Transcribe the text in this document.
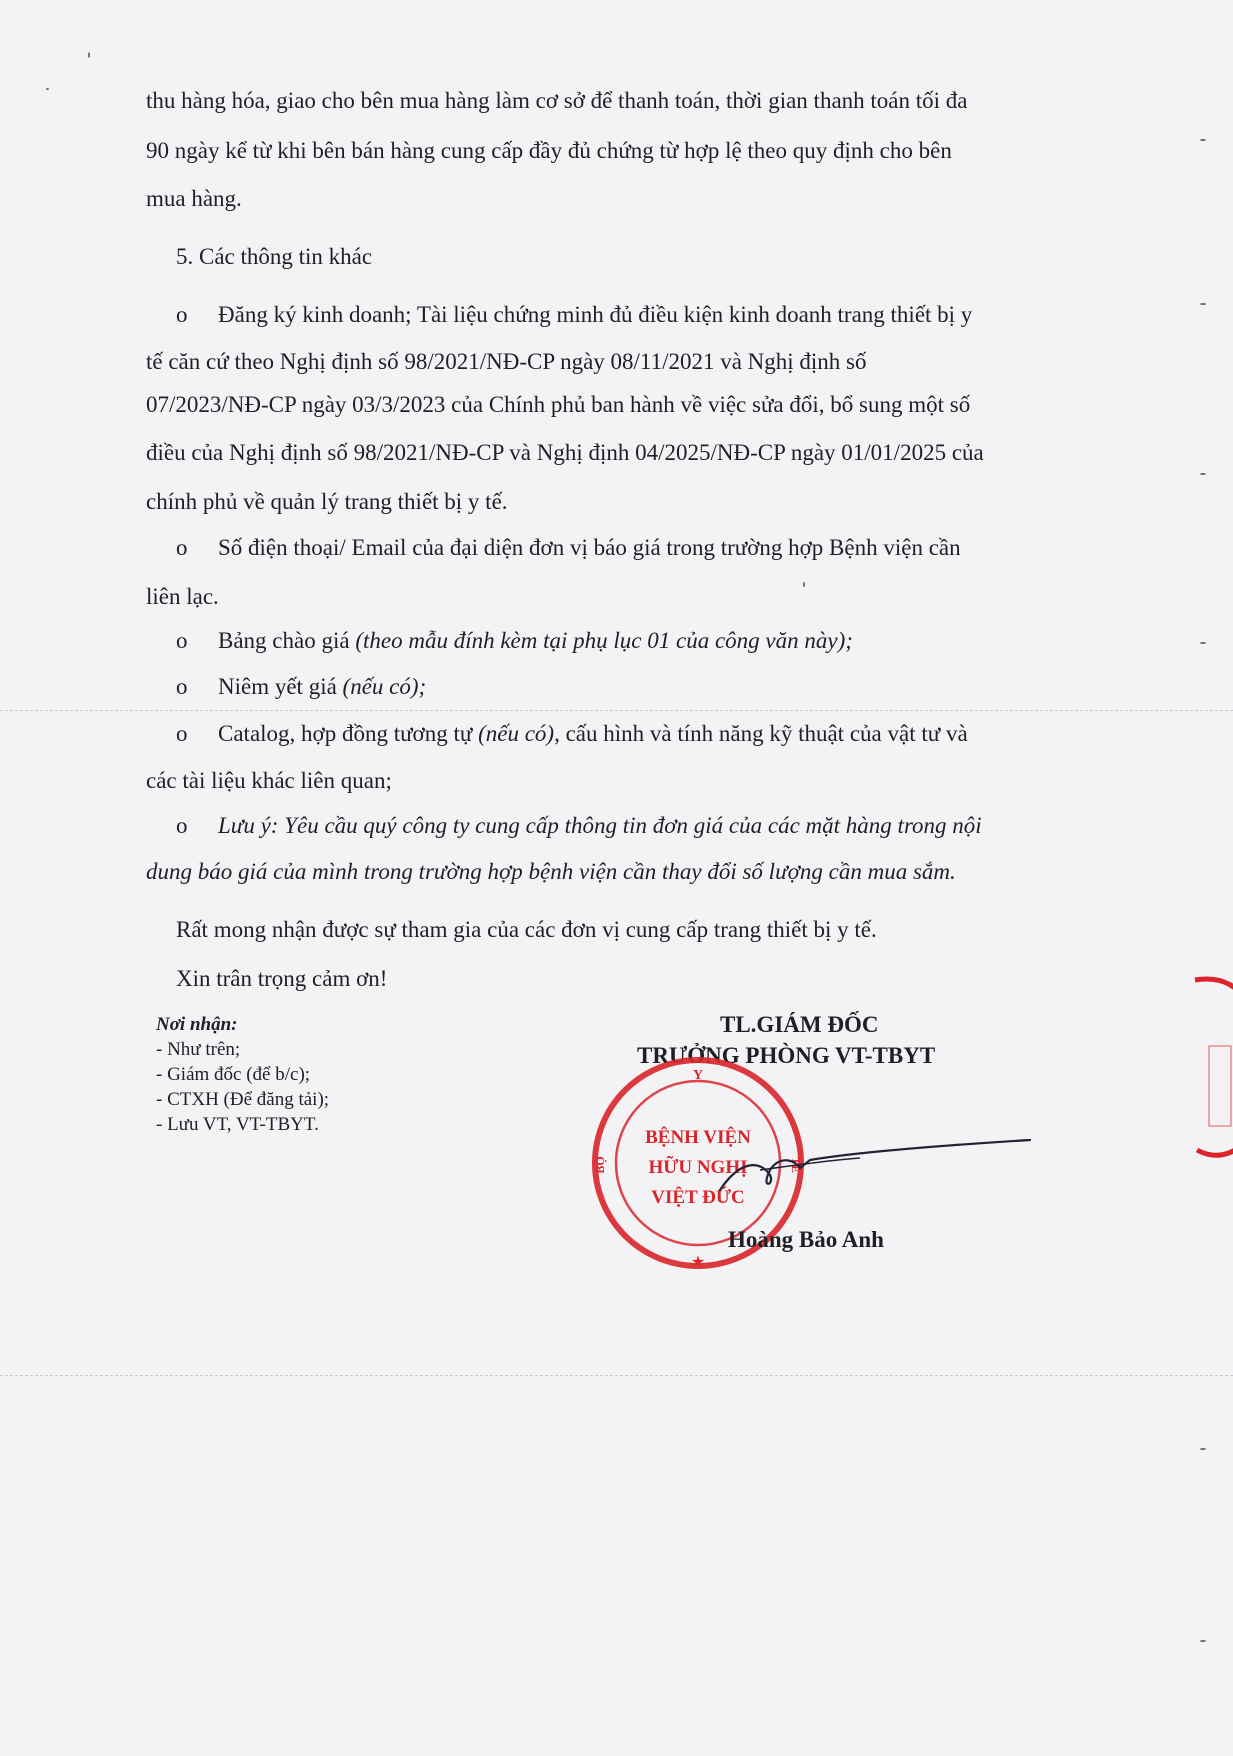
thu hàng hóa, giao cho bên mua hàng làm cơ sở để thanh toán, thời gian thanh toán tối đa
90 ngày kể từ khi bên bán hàng cung cấp đầy đủ chứng từ hợp lệ theo quy định cho bên
mua hàng.
5. Các thông tin khác
o Đăng ký kinh doanh; Tài liệu chứng minh đủ điều kiện kinh doanh trang thiết bị y
tế căn cứ theo Nghị định số 98/2021/NĐ-CP ngày 08/11/2021 và Nghị định số
07/2023/NĐ-CP ngày 03/3/2023 của Chính phủ ban hành về việc sửa đổi, bổ sung một số
điều của Nghị định số 98/2021/NĐ-CP và Nghị định 04/2025/NĐ-CP ngày 01/01/2025 của
chính phủ về quản lý trang thiết bị y tế.
o Số điện thoại/ Email của đại diện đơn vị báo giá trong trường hợp Bệnh viện cần
liên lạc.
o Bảng chào giá (theo mẫu đính kèm tại phụ lục 01 của công văn này);
o Niêm yết giá (nếu có);
o Catalog, hợp đồng tương tự (nếu có), cấu hình và tính năng kỹ thuật của vật tư và
các tài liệu khác liên quan;
o Lưu ý: Yêu cầu quý công ty cung cấp thông tin đơn giá của các mặt hàng trong nội
dung báo giá của mình trong trường hợp bệnh viện cần thay đổi số lượng cần mua sắm.
Rất mong nhận được sự tham gia của các đơn vị cung cấp trang thiết bị y tế.
Xin trân trọng cảm ơn!
Nơi nhận:
- Như trên;
- Giám đốc (để b/c);
- CTXH (Để đăng tải);
- Lưu VT, VT-TBYT.
TL.GIÁM ĐỐC
TRƯỞNG PHÒNG VT-TBYT
Y
BỘ	TẾ
★
BỆNH VIỆN
HỮU NGHỊ
VIỆT ĐỨC
Hoàng Bảo Anh
